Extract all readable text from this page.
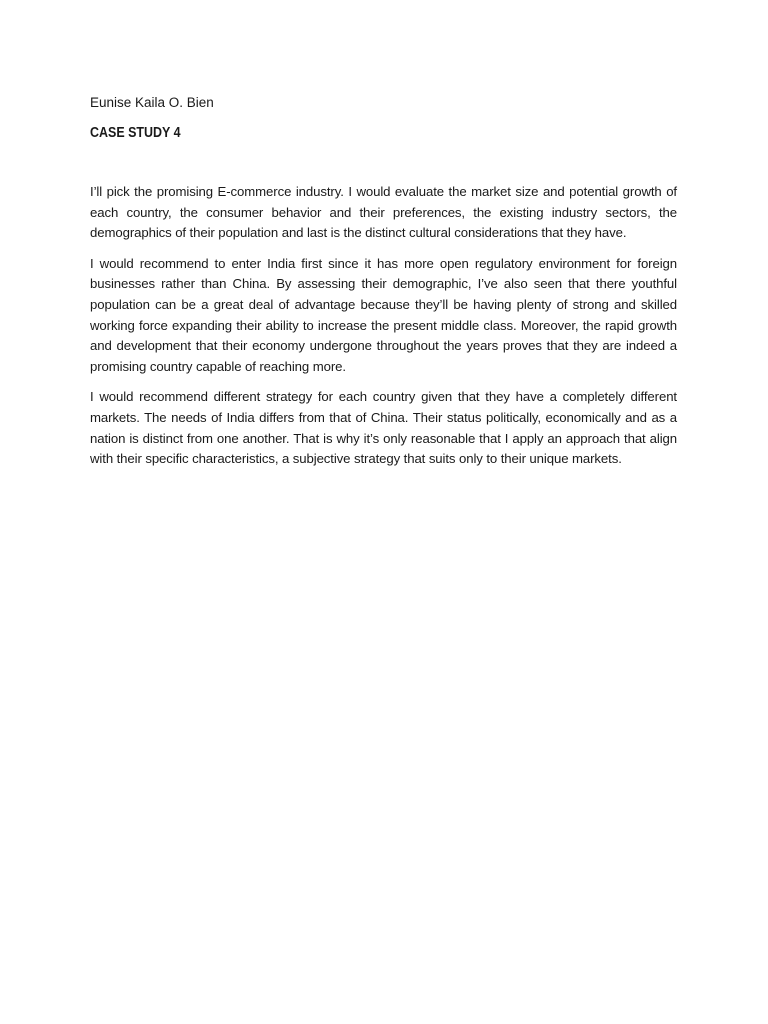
Eunise Kaila O. Bien

CASE STUDY 4

I’ll pick the promising E-commerce industry. I would evaluate the market size and potential growth of each country, the consumer behavior and their preferences, the existing industry sectors, the demographics of their population and last is the distinct cultural considerations that they have.

I would recommend to enter India first since it has more open regulatory environment for foreign businesses rather than China. By assessing their demographic, I’ve also seen that there youthful population can be a great deal of advantage because they’ll be having plenty of strong and skilled working force expanding their ability to increase the present middle class. Moreover, the rapid growth and development that their economy undergone throughout the years proves that they are indeed a promising country capable of reaching more.

I would recommend different strategy for each country given that they have a completely different markets. The needs of India differs from that of China. Their status politically, economically and as a nation is distinct from one another. That is why it’s only reasonable that I apply an approach that align with their specific characteristics, a subjective strategy that suits only to their unique markets.
